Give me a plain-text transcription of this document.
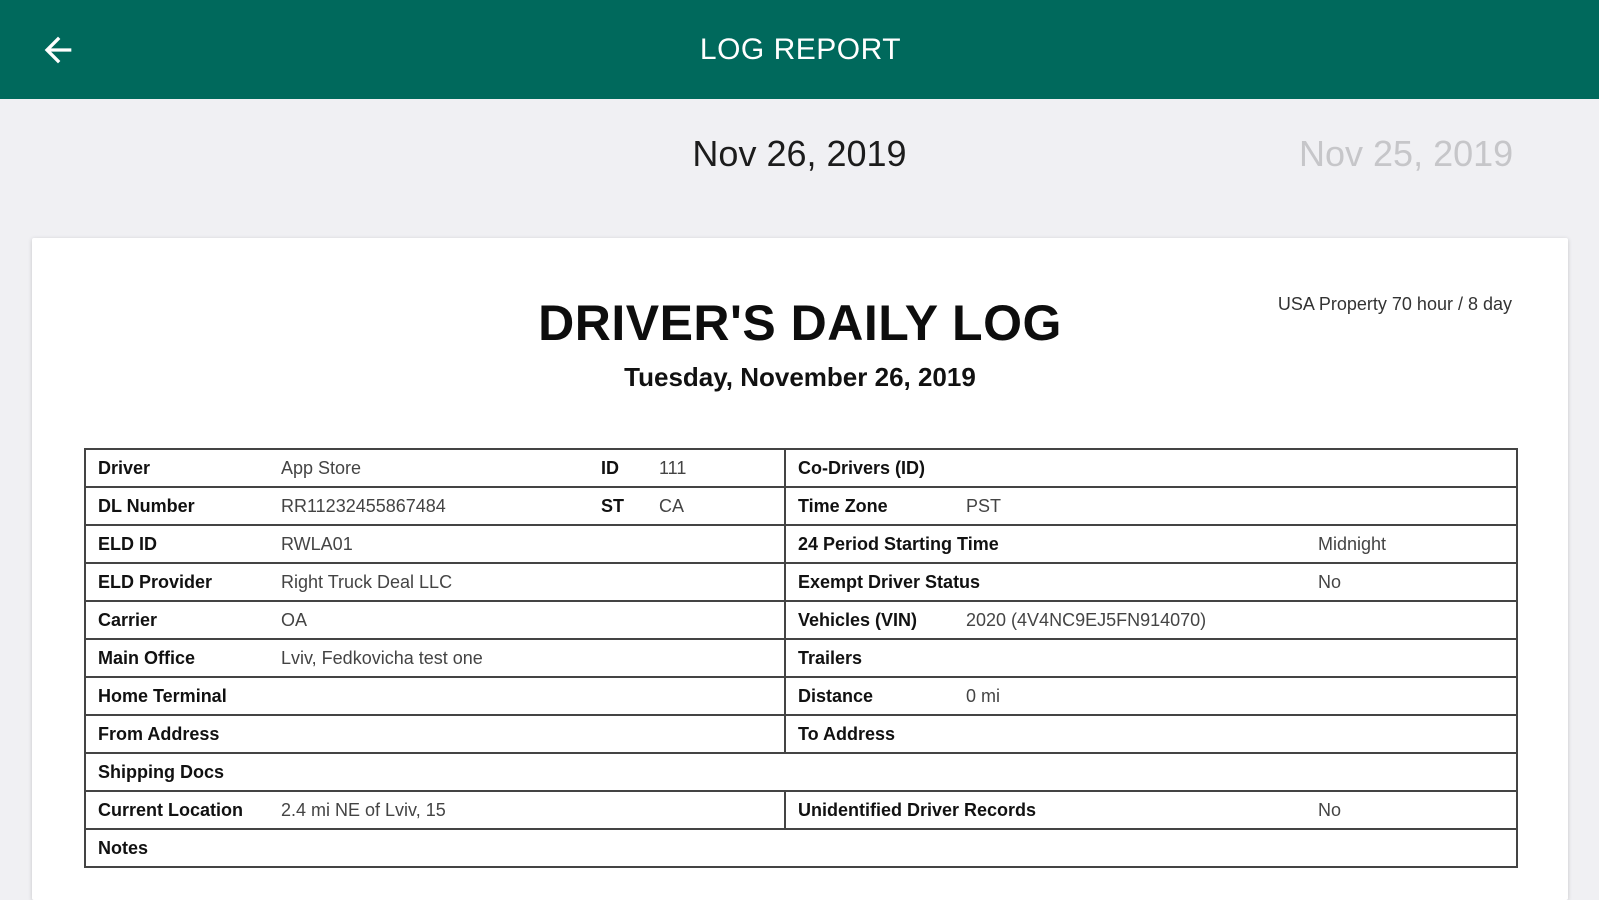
LOG REPORT
Nov 26, 2019	Nov 25, 2019
USA Property 70 hour / 8 day
DRIVER'S DAILY LOG
Tuesday, November 26, 2019
Driver App Store ID 111	Co-Drivers (ID)

DL Number RR11232455867484 ST CA	Time Zone PST

ELD ID RWLA01	24 Period Starting Time Midnight

ELD Provider Right Truck Deal LLC	Exempt Driver Status No

Carrier OA	Vehicles (VIN) 2020 (4V4NC9EJ5FN914070)

Main Office Lviv, Fedkovicha test one	Trailers

Home Terminal	Distance 0 mi

From Address	To Address

Shipping Docs	

Current Location 2.4 mi NE of Lviv, 15	Unidentified Driver Records No

Notes	
